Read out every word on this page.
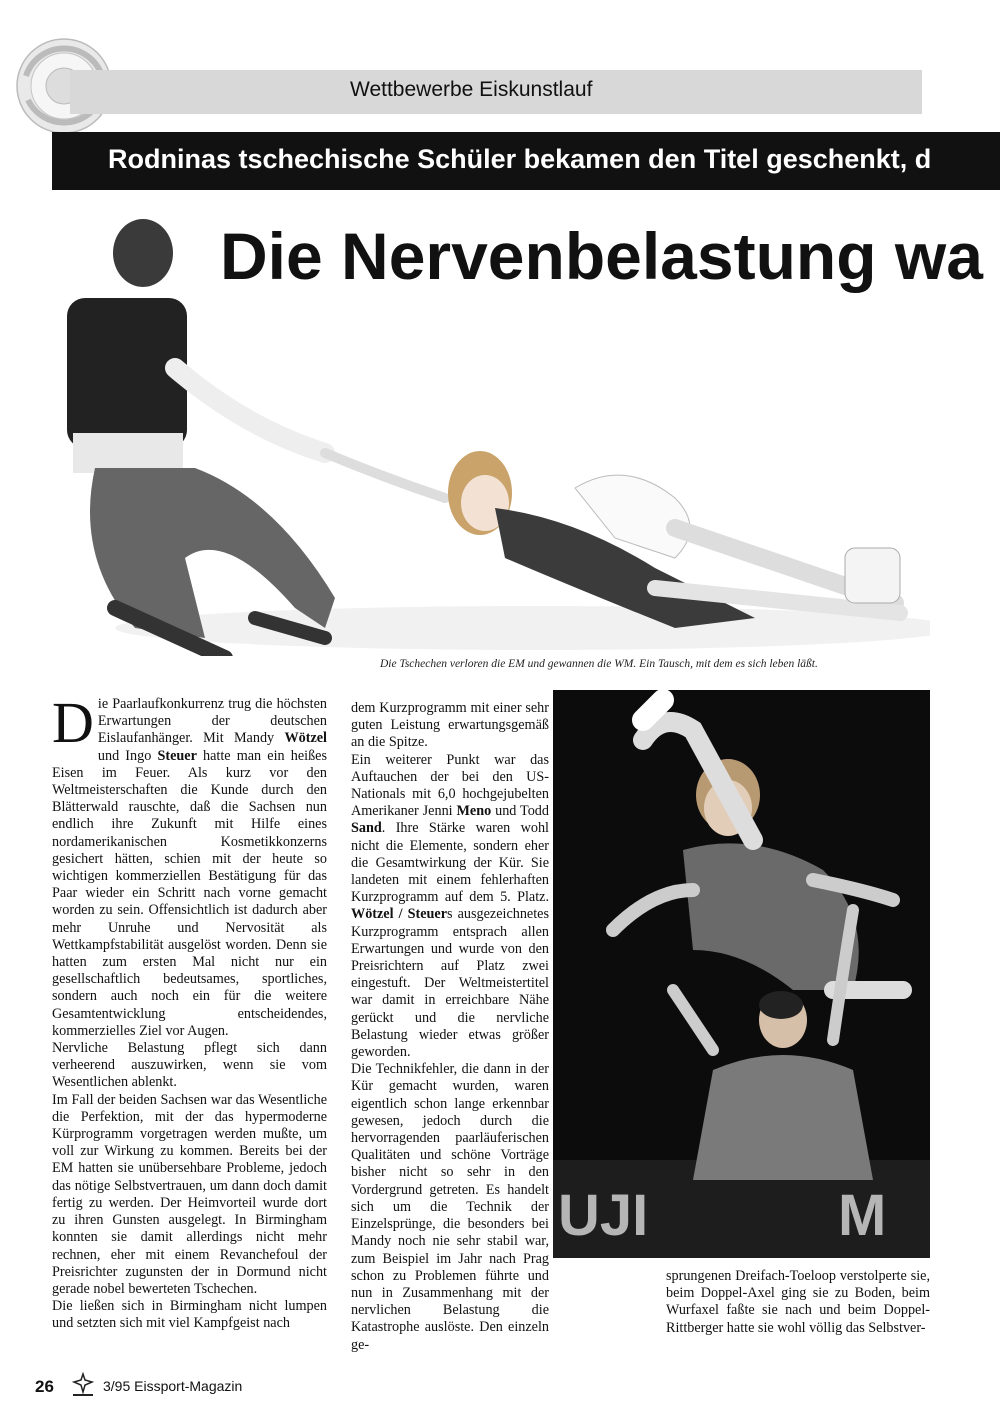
Wettbewerbe Eiskunstlauf
Rodninas tschechische Schüler bekamen den Titel geschenkt, d
Die Tschechen verloren die EM und gewannen die WM. Ein Tausch, mit dem es sich leben läßt.
UJI	M

Die Paarlaufkonkurrenz trug die höchsten Erwartungen der deutschen Eislaufanhänger. Mit Mandy Wötzel und Ingo Steuer hatte man ein heißes Eisen im Feuer. Als kurz vor den Weltmeisterschaften die Kunde durch den Blätterwald rauschte, daß die Sachsen nun endlich ihre Zukunft mit Hilfe eines nordamerikanischen Kosmetikkonzerns gesichert hätten, schien mit der heute so wichtigen kommerziellen Bestätigung für das Paar wieder ein Schritt nach vorne gemacht worden zu sein. Offensichtlich ist dadurch aber mehr Unruhe und Nervosität als Wettkampfstabilität ausgelöst worden. Denn sie hatten zum ersten Mal nicht nur ein gesellschaftlich bedeutsames, sportliches, sondern auch noch ein für die weitere Gesamtentwicklung entscheidendes, kommerzielles Ziel vor Augen.

Nervliche Belastung pflegt sich dann verheerend auszuwirken, wenn sie vom Wesentlichen ablenkt.

Im Fall der beiden Sachsen war das Wesentliche die Perfektion, mit der das hypermoderne Kürprogramm vorgetragen werden mußte, um voll zur Wirkung zu kommen. Bereits bei der EM hatten sie unübersehbare Probleme, jedoch das nötige Selbstvertrauen, um dann doch damit fertig zu werden. Der Heimvorteil wurde dort zu ihren Gunsten ausgelegt. In Birmingham konnten sie damit allerdings nicht mehr rechnen, eher mit einem Revanchefoul der Preisrichter zugunsten der in Dormund nicht gerade nobel bewerteten Tschechen.

Die ließen sich in Birmingham nicht lumpen und setzten sich mit viel Kampfgeist nach

dem Kurzprogramm mit einer sehr guten Leistung erwartungsgemäß an die Spitze.

Ein weiterer Punkt war das Auftauchen der bei den US-Nationals mit 6,0 hochgejubelten Amerikaner Jenni Meno und Todd Sand. Ihre Stärke waren wohl nicht die Elemente, sondern eher die Gesamtwirkung der Kür. Sie landeten mit einem fehlerhaften Kurzprogramm auf dem 5. Platz. Wötzel / Steuers ausgezeichnetes Kurzprogramm entsprach allen Erwartungen und wurde von den Preisrichtern auf Platz zwei eingestuft. Der Weltmeistertitel war damit in erreichbare Nähe gerückt und die nervliche Belastung wieder etwas größer geworden.

Die Technikfehler, die dann in der Kür gemacht wurden, waren eigentlich schon lange erkennbar gewesen, jedoch durch die hervorragenden paarläuferischen Qualitäten und schöne Vorträge bisher nicht so sehr in den Vordergrund getreten. Es handelt sich um die Technik der Einzelsprünge, die besonders bei Mandy noch nie sehr stabil war, zum Beispiel im Jahr nach Prag schon zu Problemen führte und nun in Zusammenhang mit der nervlichen Belastung die Katastrophe auslöste. Den einzeln ge-

sprungenen Dreifach-Toeloop verstolperte sie, beim Doppel-Axel ging sie zu Boden, beim Wurfaxel faßte sie nach und beim Doppel-Rittberger hatte sie wohl völlig das Selbstver-

Die Nervenbelastung wa
26	3/95 Eissport-Magazin
